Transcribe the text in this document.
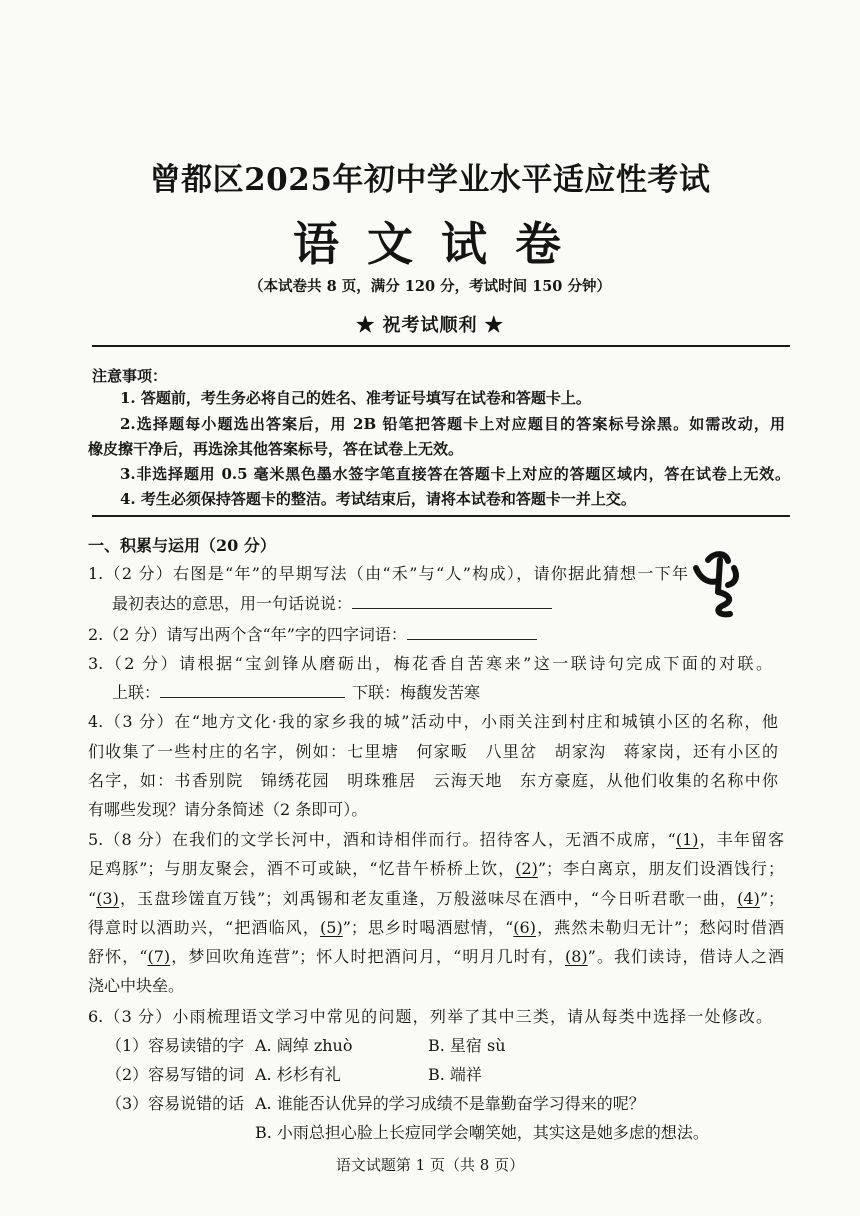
曾都区2025年初中学业水平适应性考试
语 文 试 卷
（本试卷共 8 页，满分 120 分，考试时间 150 分钟）
★ 祝考试顺利 ★
注意事项：
1. 答题前，考生务必将自己的姓名、准考证号填写在试卷和答题卡上。
2.选择题每小题选出答案后，用 2B 铅笔把答题卡上对应题目的答案标号涂黑。如需改动，用
橡皮擦干净后，再选涂其他答案标号，答在试卷上无效。
3.非选择题用 0.5 毫米黑色墨水签字笔直接答在答题卡上对应的答题区域内，答在试卷上无效。
4. 考生必须保持答题卡的整洁。考试结束后，请将本试卷和答题卡一并上交。
一、积累与运用（20 分）
1.（2 分）右图是“年”的早期写法（由“禾”与“人”构成），请你据此猜想一下年
最初表达的意思，用一句话说说：
2.（2 分）请写出两个含“年”字的四字词语：
3.（2 分）请根据“宝剑锋从磨砺出，梅花香自苦寒来”这一联诗句完成下面的对联。
上联：	下联：梅馥发苦寒
4.（3 分）在“地方文化·我的家乡我的城”活动中，小雨关注到村庄和城镇小区的名称，他
们收集了一些村庄的名字，例如：七里塘　何家畈　八里岔　胡家沟　蒋家岗，还有小区的
名字，如：书香别院　锦绣花园　明珠雅居　云海天地　东方豪庭，从他们收集的名称中你
有哪些发现？请分条简述（2 条即可）。
5.（8 分）在我们的文学长河中，酒和诗相伴而行。招待客人，无酒不成席，“(1)，丰年留客
足鸡豚”；与朋友聚会，酒不可或缺，“忆昔午桥桥上饮，(2)”；李白离京，朋友们设酒饯行；
“(3)，玉盘珍馐直万钱”；刘禹锡和老友重逢，万般滋味尽在酒中，“今日听君歌一曲，(4)”；
得意时以酒助兴，“把酒临风，(5)”；思乡时喝酒慰情，“(6)，燕然未勒归无计”；愁闷时借酒
舒怀，“(7)，梦回吹角连营”；怀人时把酒问月，“明月几时有，(8)”。我们读诗，借诗人之酒
浇心中块垒。
6.（3 分）小雨梳理语文学习中常见的问题，列举了其中三类，请从每类中选择一处修改。
（1）容易读错的字 A. 阔绰 zhuò	B. 星宿 sù
（2）容易写错的词 A. 杉杉有礼	B. 端祥
（3）容易说错的话 A. 谁能否认优异的学习成绩不是靠勤奋学习得来的呢？
B. 小雨总担心脸上长痘同学会嘲笑她，其实这是她多虑的想法。
语文试题第 1 页（共 8 页）
